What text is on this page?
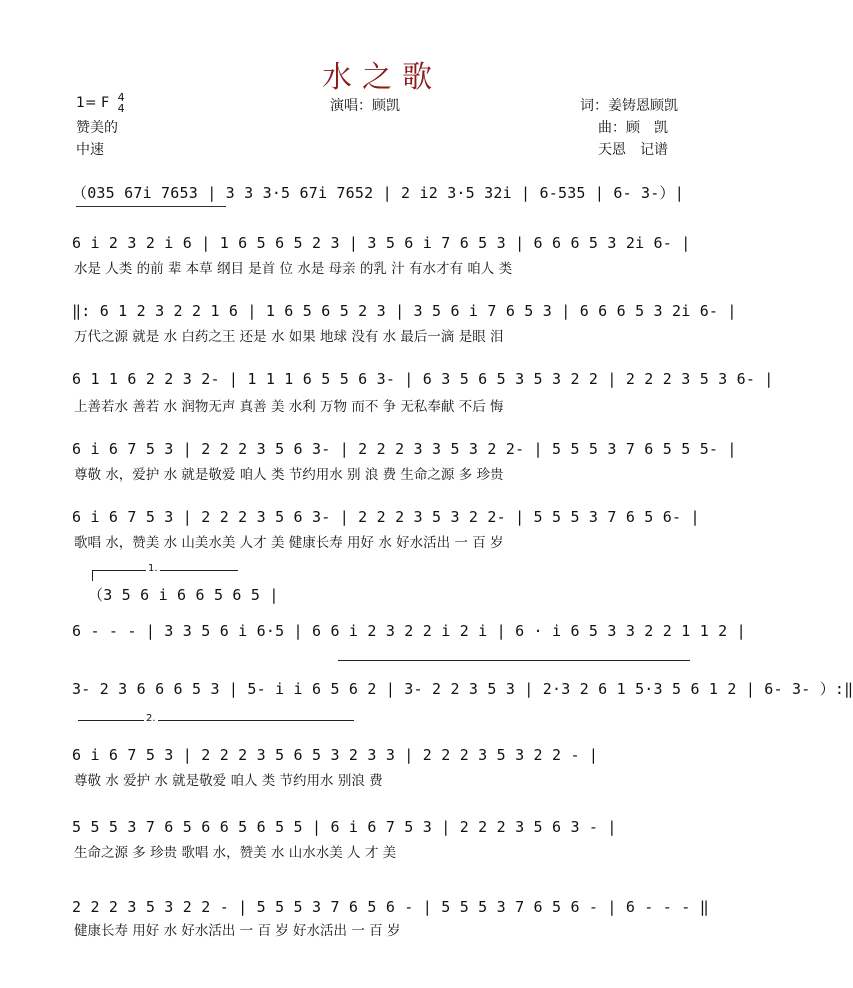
水之歌
1= F 4
4
赞美的
中速
演唱：顾凯	词：姜铸恩顾凯
曲：顾　凯
天恩　记谱
（035 67i 7653 | 3 3 3·5 67i 7652 | 2 i2 3·5 32i | 6-535 | 6- 3-）|
6 i 2 3 2 i 6 | 1 6 5 6 5 2 3 | 3 5 6 i 7 6 5 3 | 6 6 6 5 3 2i 6- |
水是 人类 的前 辈 本草 纲目 是首 位 水是 母亲 的乳 汁 有水才有 咱人 类
‖: 6 1 2 3 2 2 1 6 | 1 6 5 6 5 2 3 | 3 5 6 i 7 6 5 3 | 6 6 6 5 3 2i 6- |
万代之源 就是 水 白药之王 还是 水 如果 地球 没有 水 最后一滴 是眼 泪
6 1 1 6 2 2 3 2- | 1 1 1 6 5 5 6 3- | 6 3 5 6 5 3 5 3 2 2 | 2 2 2 3 5 3 6- |
上善若水 善若 水 润物无声 真善 美 水利 万物 而不 争 无私奉献 不后 悔
6 i 6 7 5 3 | 2 2 2 3 5 6 3- | 2 2 2 3 3 5 3 2 2- | 5 5 5 3 7 6 5 5 5- |
尊敬 水，爱护 水 就是敬爱 咱人 类 节约用水 别 浪 费 生命之源 多 珍贵
6 i 6 7 5 3 | 2 2 2 3 5 6 3- | 2 2 2 3 5 3 2 2- | 5 5 5 3 7 6 5 6- |
歌唱 水，赞美 水 山美水美 人才 美 健康长寿 用好 水 好水活出 一 百 岁
1.
（3 5 6 i 6 6 5 6 5 |
6 - - - | 3 3 5 6 i 6·5 | 6 6 i 2 3 2 2 i 2 i | 6 · i 6 5 3 3 2 2 1 1 2 |
3- 2 3 6 6 6 5 3 | 5- i i 6 5 6 2 | 3- 2 2 3 5 3 | 2·3 2 6 1 5·3 5 6 1 2 | 6- 3- ）:‖
2.
6 i 6 7 5 3 | 2 2 2 3 5 6 5 3 2 3 3 | 2 2 2 3 5 3 2 2 - |
尊敬 水 爱护 水 就是敬爱 咱人 类 节约用水 别浪 费
5 5 5 3 7 6 5 6 6 5 6 5 5 | 6 i 6 7 5 3 | 2 2 2 3 5 6 3 - |
生命之源 多 珍贵 歌唱 水，赞美 水 山水水美 人 才 美
2 2 2 3 5 3 2 2 - | 5 5 5 3 7 6 5 6 - | 5 5 5 3 7 6 5 6 - | 6 - - - ‖
健康长寿 用好 水 好水活出 一 百 岁 好水活出 一 百 岁
